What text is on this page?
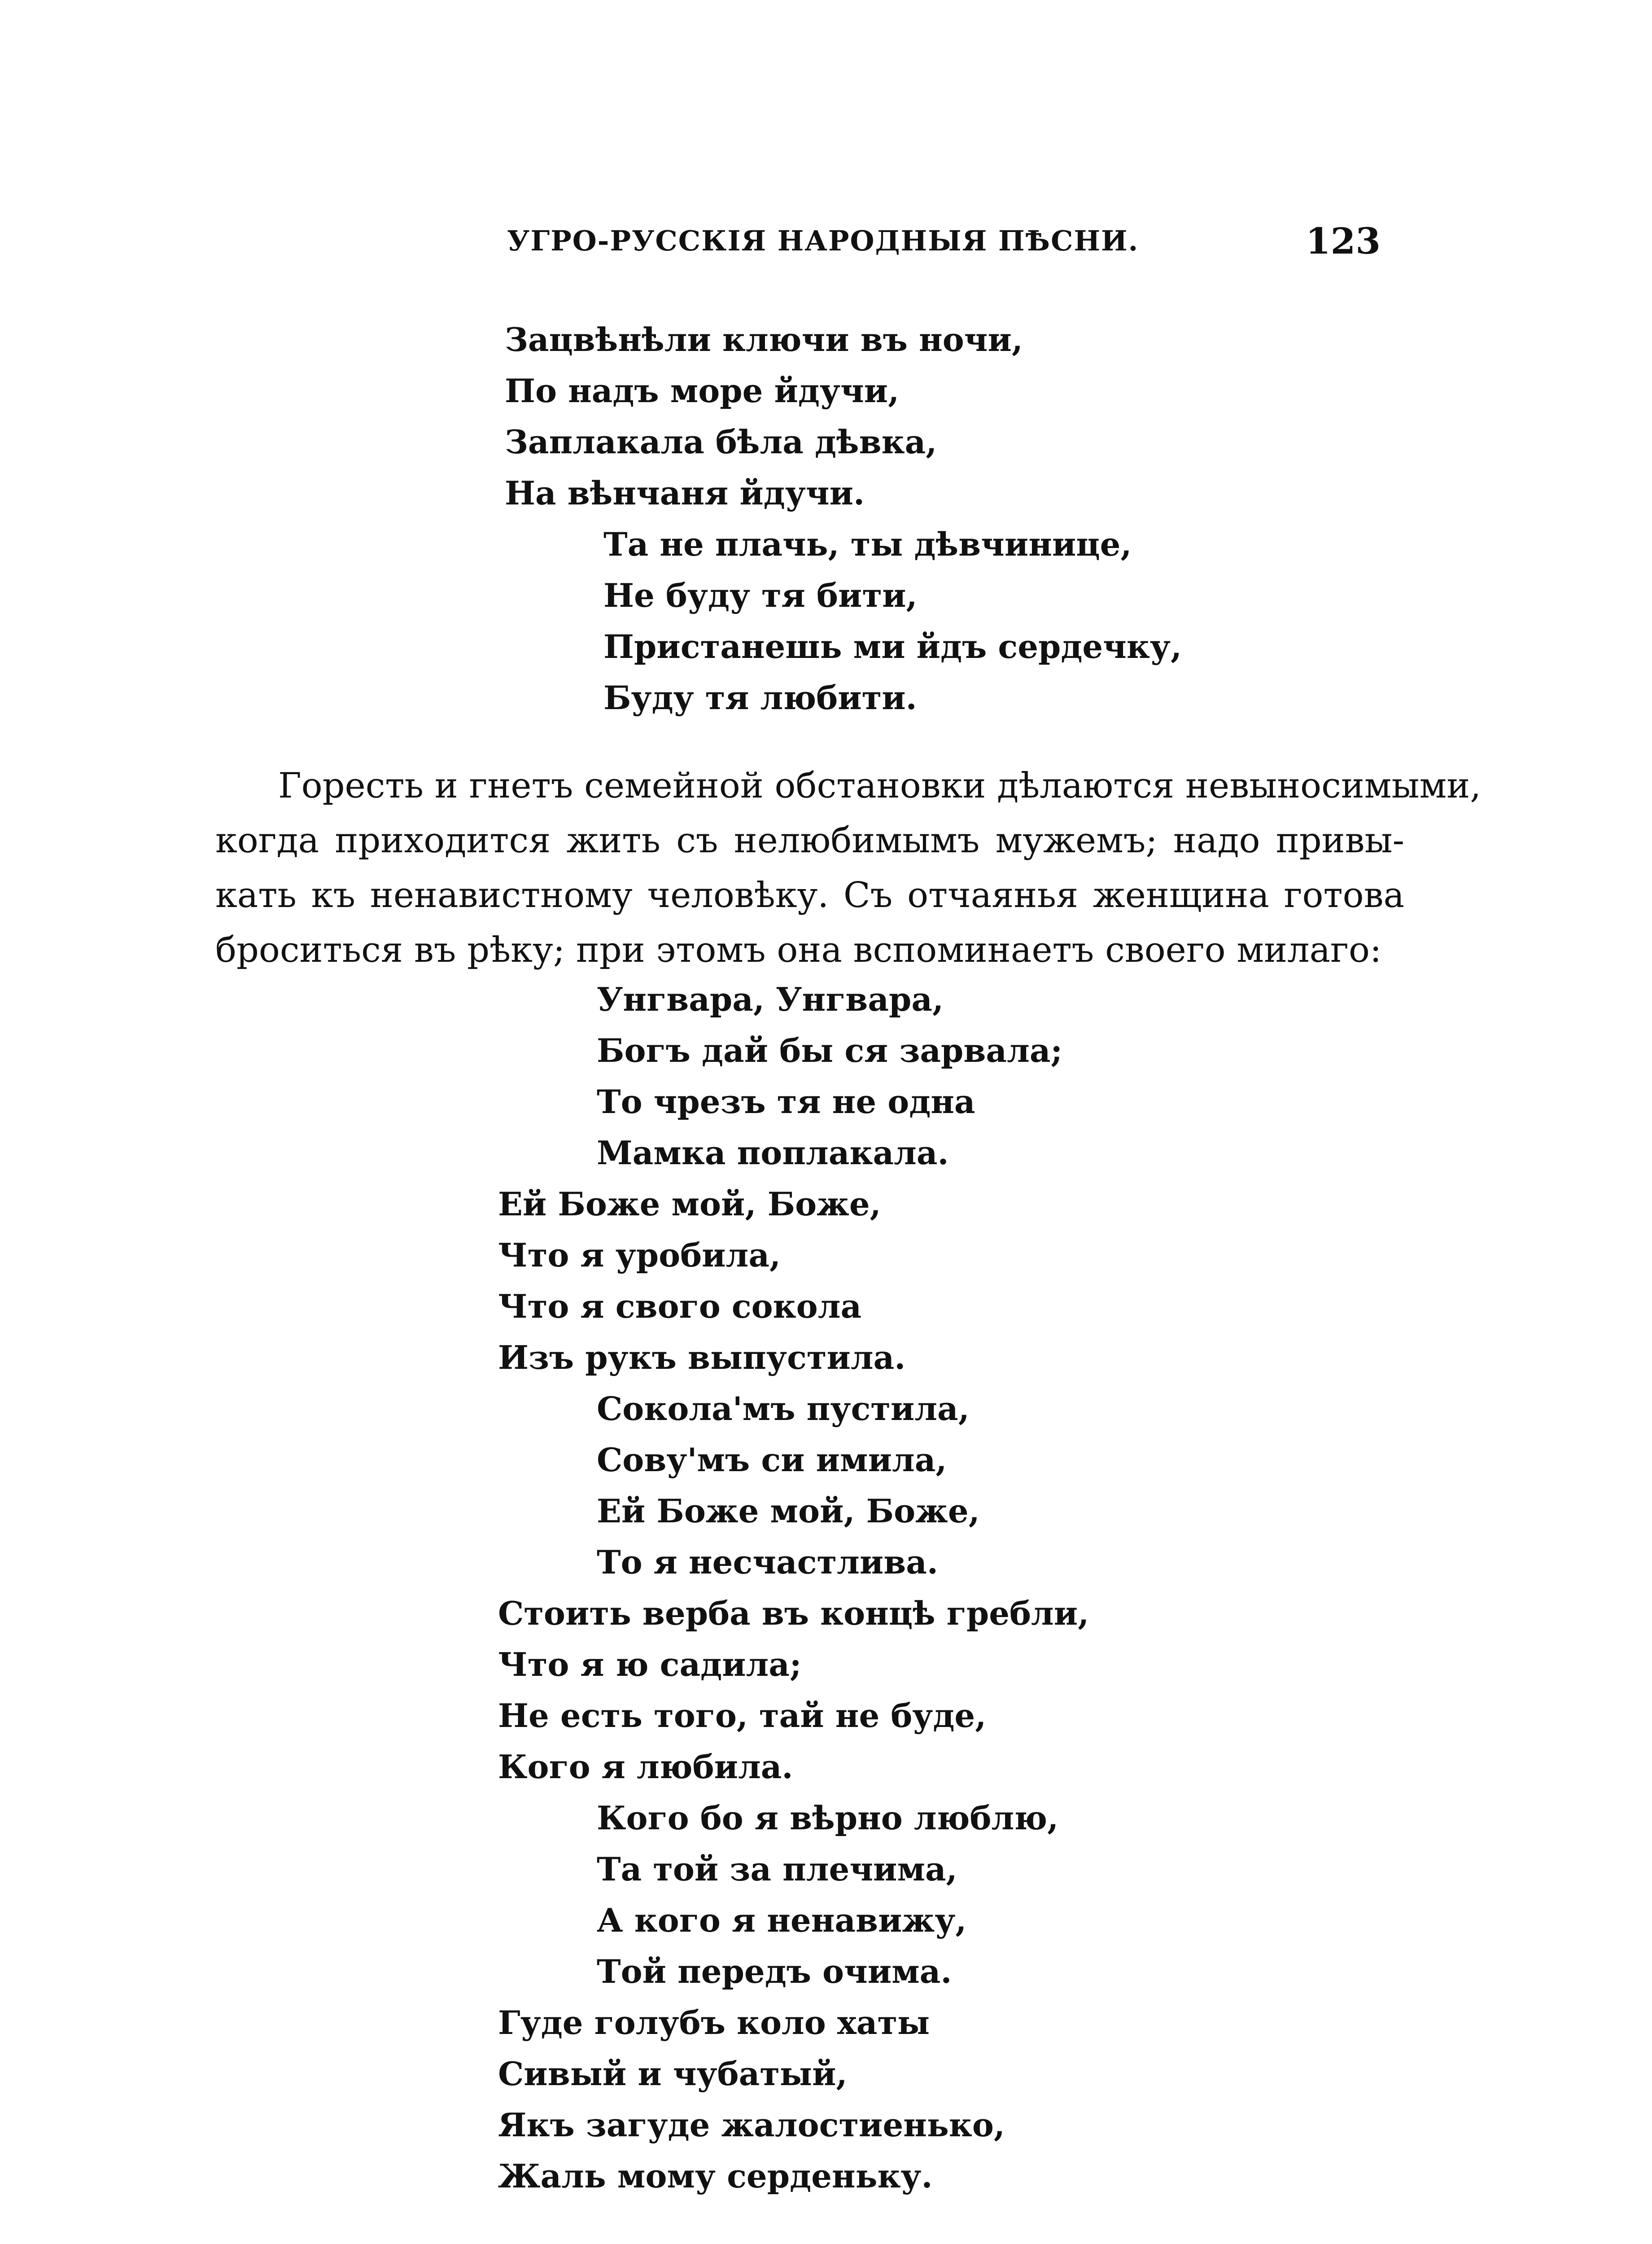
УГРО-РУССКІЯ НАРОДНЫЯ ПѢСНИ.	123
Зацвѣнѣли ключи въ ночи,
По надъ море йдучи,
Заплакала бѣла дѣвка,
На вѣнчаня йдучи.
Та не плачь, ты дѣвчинице,
Не буду тя бити,
Пристанешь ми йдъ сердечку,
Буду тя любити.
Горесть и гнетъ семейной обстановки дѣлаются невыносимыми,
когда приходится жить съ нелюбимымъ мужемъ; надо привы-
кать къ ненавистному человѣку. Съ отчаянья женщина готова
броситься въ рѣку; при этомъ она вспоминаетъ своего милаго:
Унгвара, Унгвара,
Богъ дай бы ся зарвала;
То чрезъ тя не одна
Мамка поплакала.
Ей Боже мой, Боже,
Что я уробила,
Что я свого сокола
Изъ рукъ выпустила.
Сокола'мъ пустила,
Сову'мъ си имила,
Ей Боже мой, Боже,
То я несчастлива.
Стоить верба въ концѣ гребли,
Что я ю садила;
Не есть того, тай не буде,
Кого я любила.
Кого бо я вѣрно люблю,
Та той за плечима,
А кого я ненавижу,
Той передъ очима.
Гуде голубъ коло хаты
Сивый и чубатый,
Якъ загуде жалостиенько,
Жаль мому серденьку.
